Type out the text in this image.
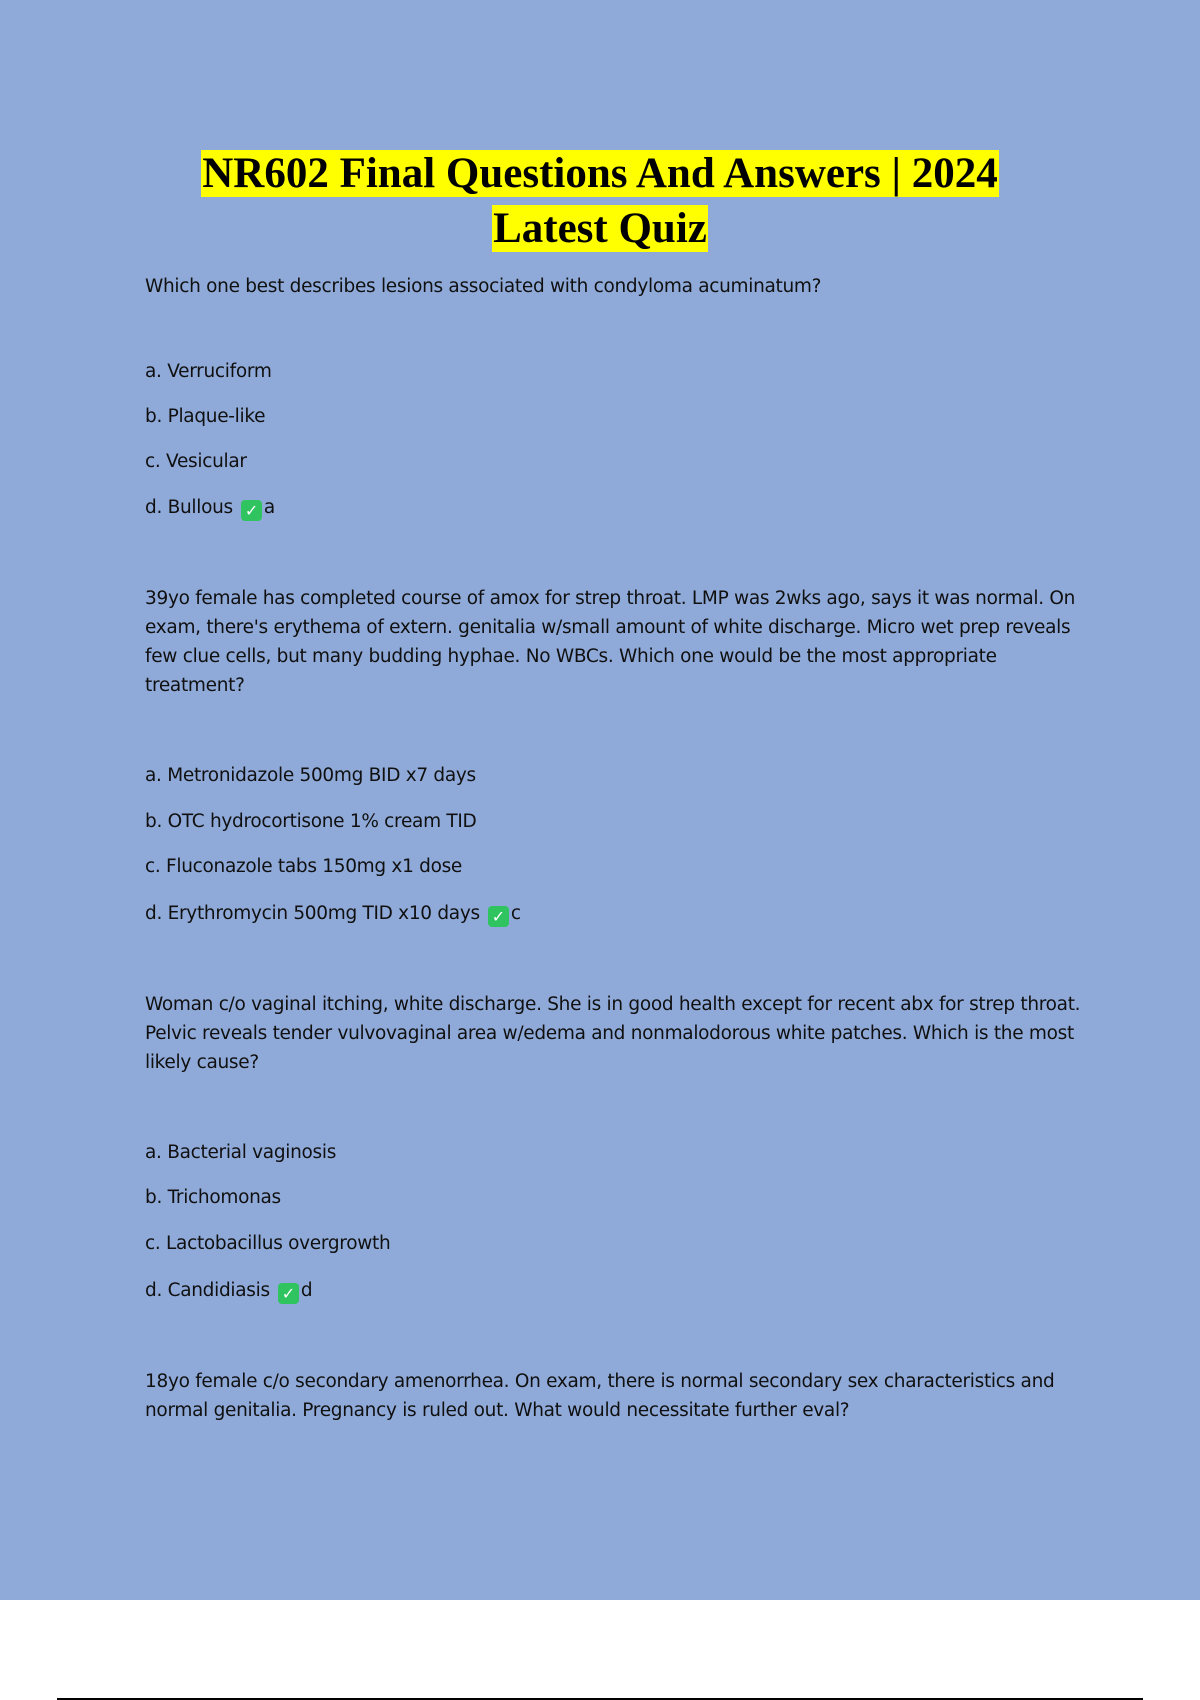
NR602 Final Questions And Answers | 2024
Latest Quiz

Which one best describes lesions associated with condyloma acuminatum?

a. Verruciform
b. Plaque-like
c. Vesicular
d. Bullous ✓ a

39yo female has completed course of amox for strep throat. LMP was 2wks ago, says it was normal. On exam, there's erythema of extern. genitalia w/small amount of white discharge. Micro wet prep reveals few clue cells, but many budding hyphae. No WBCs. Which one would be the most appropriate treatment?

a. Metronidazole 500mg BID x7 days
b. OTC hydrocortisone 1% cream TID
c. Fluconazole tabs 150mg x1 dose
d. Erythromycin 500mg TID x10 days ✓ c

Woman c/o vaginal itching, white discharge. She is in good health except for recent abx for strep throat. Pelvic reveals tender vulvovaginal area w/edema and nonmalodorous white patches. Which is the most likely cause?

a. Bacterial vaginosis
b. Trichomonas
c. Lactobacillus overgrowth
d. Candidiasis ✓ d

18yo female c/o secondary amenorrhea. On exam, there is normal secondary sex characteristics and normal genitalia. Pregnancy is ruled out. What would necessitate further eval?
